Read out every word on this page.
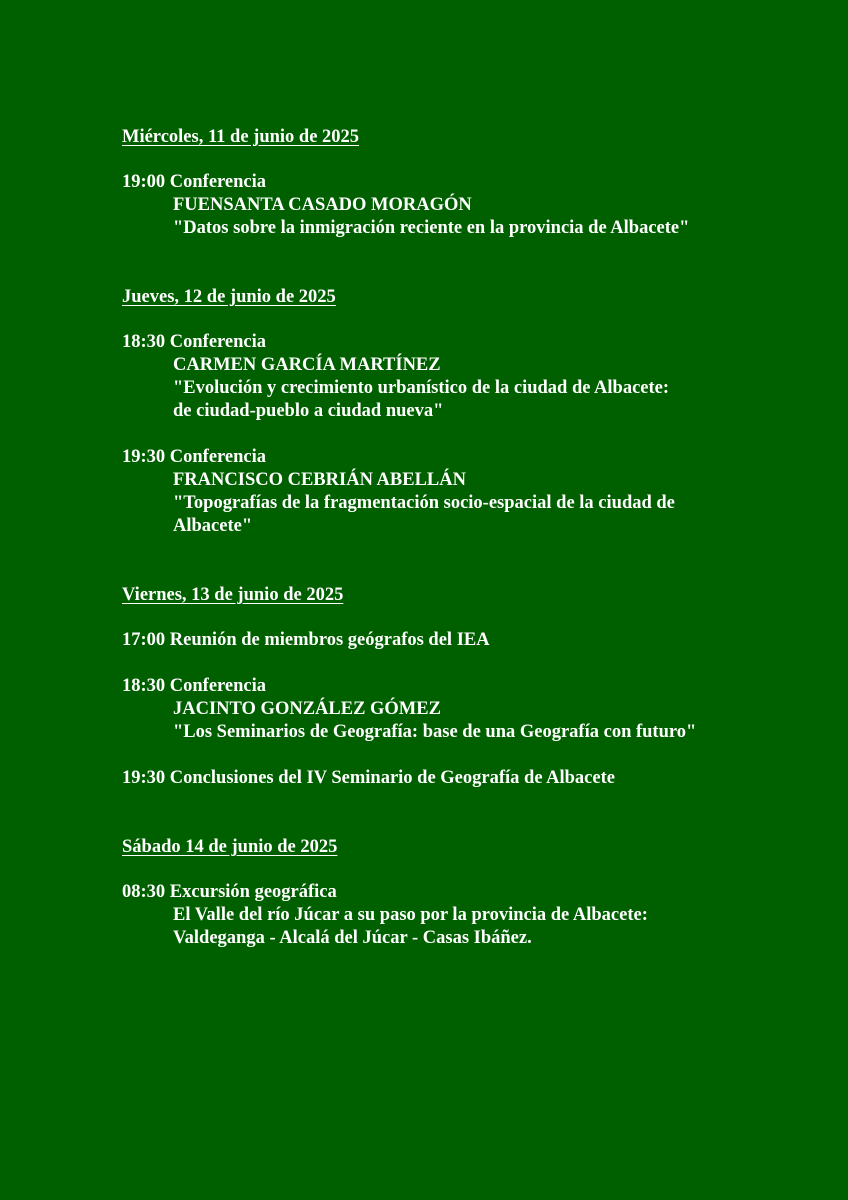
Miércoles, 11 de junio de 2025
19:00 Conferencia
FUENSANTA CASADO MORAGÓN
"Datos sobre la inmigración reciente en la provincia de Albacete"
Jueves, 12 de junio de 2025
18:30 Conferencia
CARMEN GARCÍA MARTÍNEZ
"Evolución y crecimiento urbanístico de la ciudad de Albacete:
de ciudad-pueblo a ciudad nueva"
19:30 Conferencia
FRANCISCO CEBRIÁN ABELLÁN
"Topografías de la fragmentación socio-espacial de la ciudad de
Albacete"
Viernes, 13 de junio de 2025
17:00 Reunión de miembros geógrafos del IEA
18:30 Conferencia
JACINTO GONZÁLEZ GÓMEZ
"Los Seminarios de Geografía: base de una Geografía con futuro"
19:30 Conclusiones del IV Seminario de Geografía de Albacete
Sábado 14 de junio de 2025
08:30 Excursión geográfica
El Valle del río Júcar a su paso por la provincia de Albacete:
Valdeganga - Alcalá del Júcar - Casas Ibáñez.
